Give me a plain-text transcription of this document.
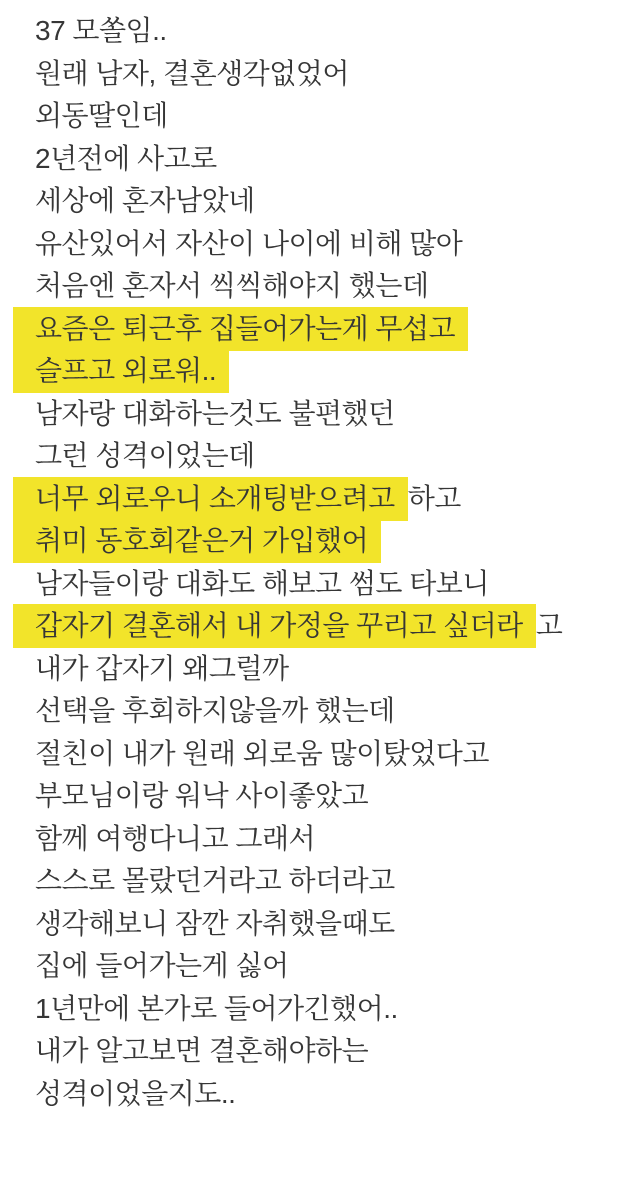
37 모쏠임..
원래 남자, 결혼생각없었어
외동딸인데
2년전에 사고로
세상에 혼자남았네
유산있어서 자산이 나이에 비해 많아
처음엔 혼자서 씩씩해야지 했는데
요즘은 퇴근후 집들어가는게 무섭고
슬프고 외로워..
남자랑 대화하는것도 불편했던
그런 성격이었는데
너무 외로우니 소개팅받으려고 하고
취미 동호회같은거 가입했어
남자들이랑 대화도 해보고 썸도 타보니
갑자기 결혼해서 내 가정을 꾸리고 싶더라 고
내가 갑자기 왜그럴까
선택을 후회하지않을까 했는데
절친이 내가 원래 외로움 많이탔었다고
부모님이랑 워낙 사이좋았고
함께 여행다니고 그래서
스스로 몰랐던거라고 하더라고
생각해보니 잠깐 자취했을때도
집에 들어가는게 싫어
1년만에 본가로 들어가긴했어..
내가 알고보면 결혼해야하는
성격이었을지도..
